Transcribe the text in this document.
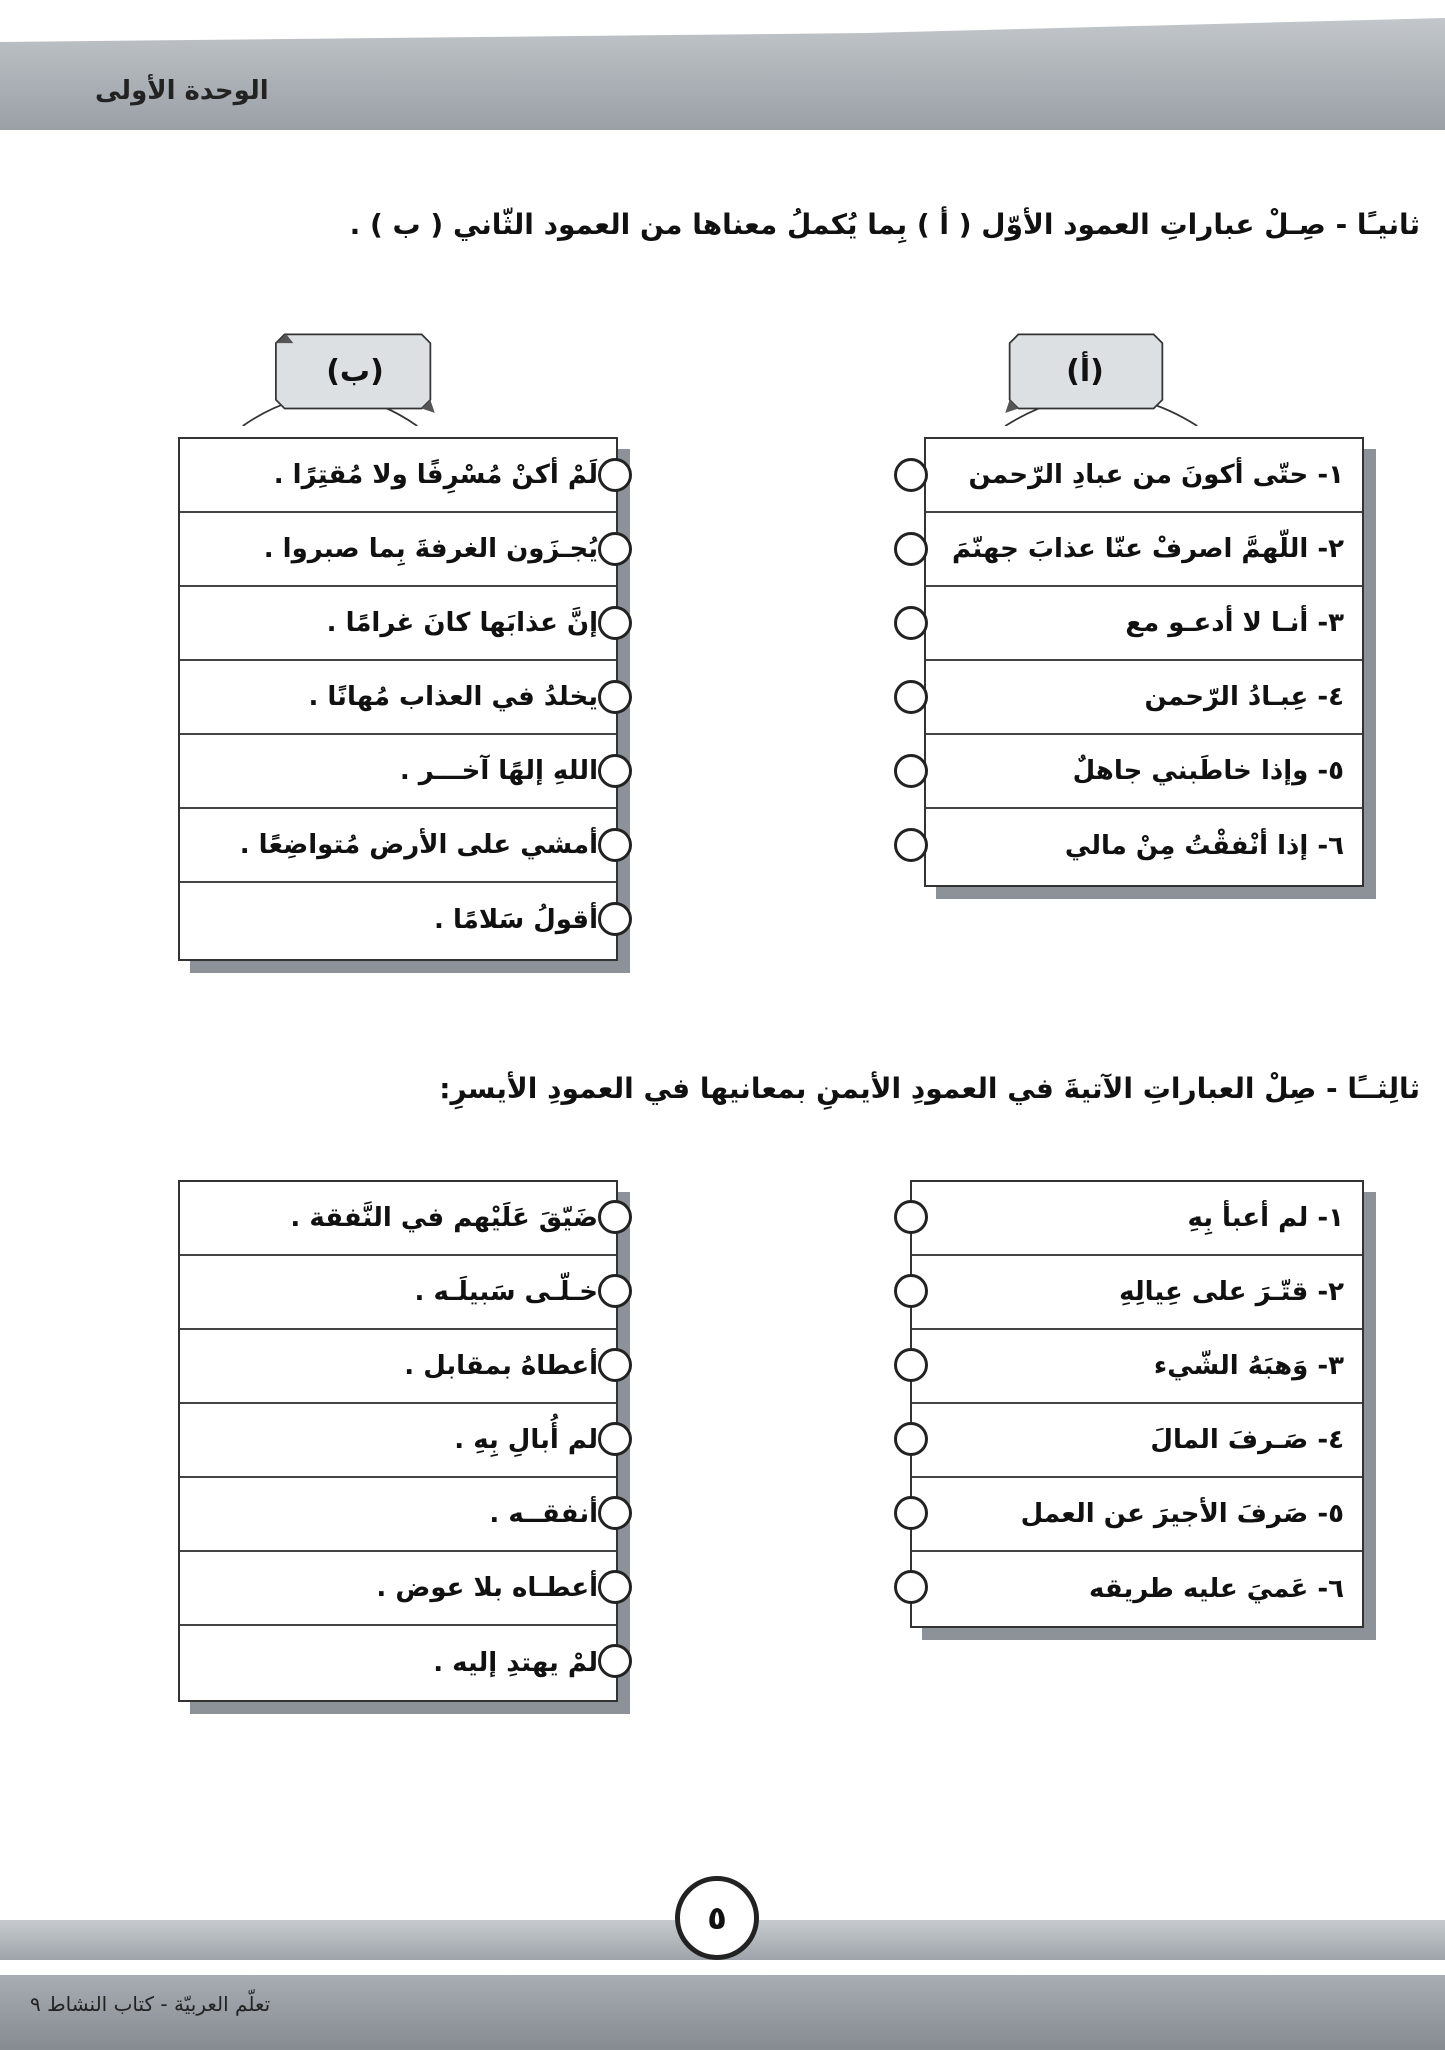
الوحدة الأولى
ثانيـًا - صِـلْ عباراتِ العمود الأوّل ( أ ) بِما يُكملُ معناها من العمود الثّاني ( ب ) .
(ب)	(أ)
لَمْ أكنْ مُسْرِفًا ولا مُقتِرًا .
يُجـزَون الغرفةَ بِما صبروا .
إنَّ عذابَها كانَ غرامًا .
يخلدُ في العذاب مُهانًا .
اللهِ إلهًا آخـــر .
أمشي على الأرض مُتواضِعًا .
أقولُ سَلامًا .
١- حتّى أكونَ من عبادِ الرّحمن
٢- اللّهمَّ اصرفْ عنّا عذابَ جهنّمَ
٣- أنـا لا أدعـو مع
٤- عِبـادُ الرّحمن
٥- وإذا خاطَبني جاهلٌ
٦- إذا أنْفقْتُ مِنْ مالي
ثالِثــًا - صِلْ العباراتِ الآتيةَ في العمودِ الأيمنِ بمعانيها في العمودِ الأيسرِ:
ضَيّقَ عَلَيْهم في النَّفقة .
خـلّـى سَبيلَـه .
أعطاهُ بمقابل .
لم أُبالِ بِهِ .
أنفقــه .
أعطـاه بلا عوض .
لمْ يهتدِ إليه .
١- لم أعبأ بِهِ
٢- قتّـرَ على عِيالِهِ
٣- وَهبَهُ الشّيء
٤- صَـرفَ المالَ
٥- صَرفَ الأجيرَ عن العمل
٦- عَميَ عليه طريقه
٥
تعلّم العربيّة - كتاب النشاط ٩
